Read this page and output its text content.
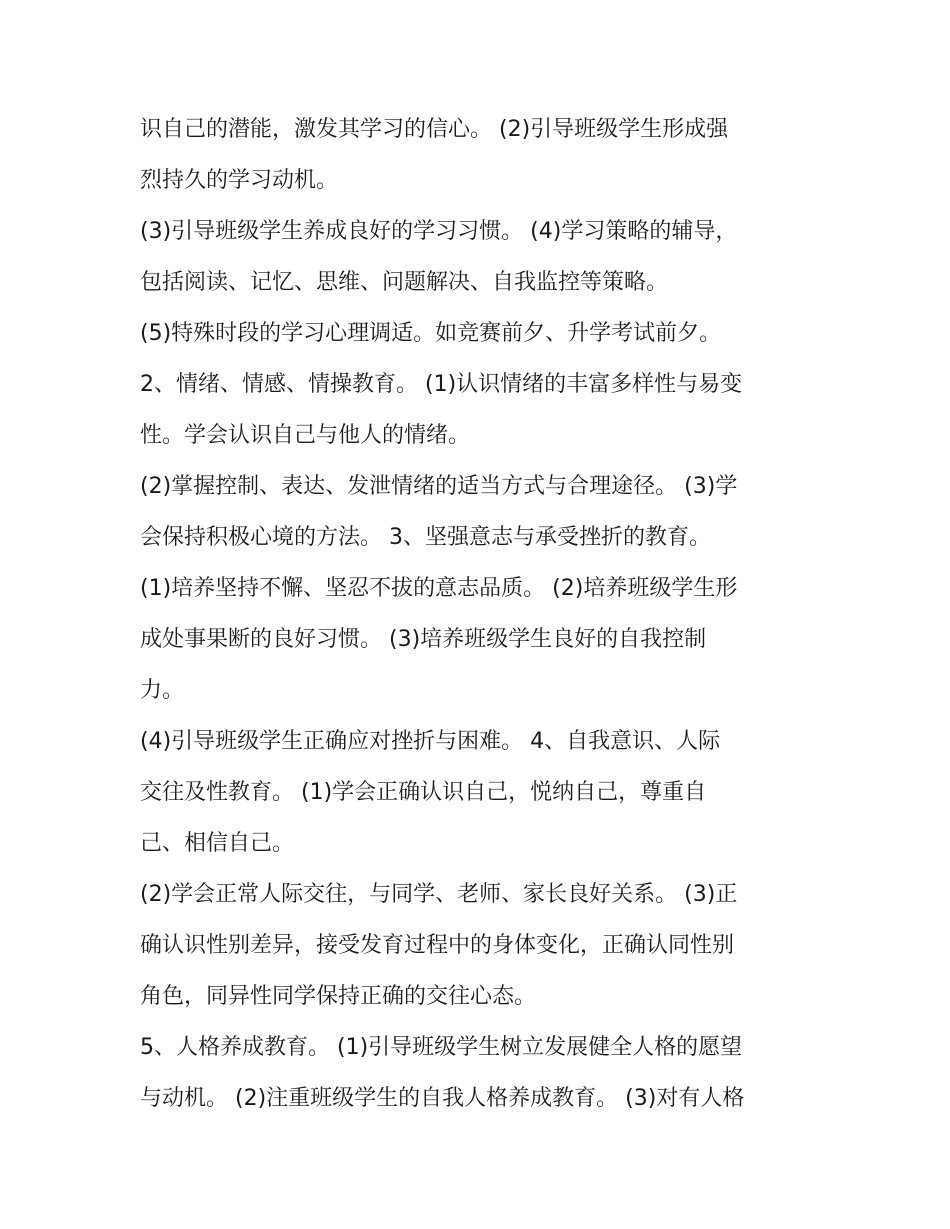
识自己的潜能，激发其学习的信心。 (2)引导班级学生形成强
烈持久的学习动机。
(3)引导班级学生养成良好的学习习惯。 (4)学习策略的辅导，
包括阅读、记忆、思维、问题解决、自我监控等策略。
(5)特殊时段的学习心理调适。如竞赛前夕、升学考试前夕。
2、情绪、情感、情操教育。 (1)认识情绪的丰富多样性与易变
性。学会认识自己与他人的情绪。
(2)掌握控制、表达、发泄情绪的适当方式与合理途径。 (3)学
会保持积极心境的方法。 3、坚强意志与承受挫折的教育。
(1)培养坚持不懈、坚忍不拔的意志品质。 (2)培养班级学生形
成处事果断的良好习惯。 (3)培养班级学生良好的自我控制
力。
(4)引导班级学生正确应对挫折与困难。 4、自我意识、人际
交往及性教育。 (1)学会正确认识自己，悦纳自己，尊重自
己、相信自己。
(2)学会正常人际交往，与同学、老师、家长良好关系。 (3)正
确认识性别差异，接受发育过程中的身体变化，正确认同性别
角色，同异性同学保持正确的交往心态。
5、人格养成教育。 (1)引导班级学生树立发展健全人格的愿望
与动机。 (2)注重班级学生的自我人格养成教育。 (3)对有人格
